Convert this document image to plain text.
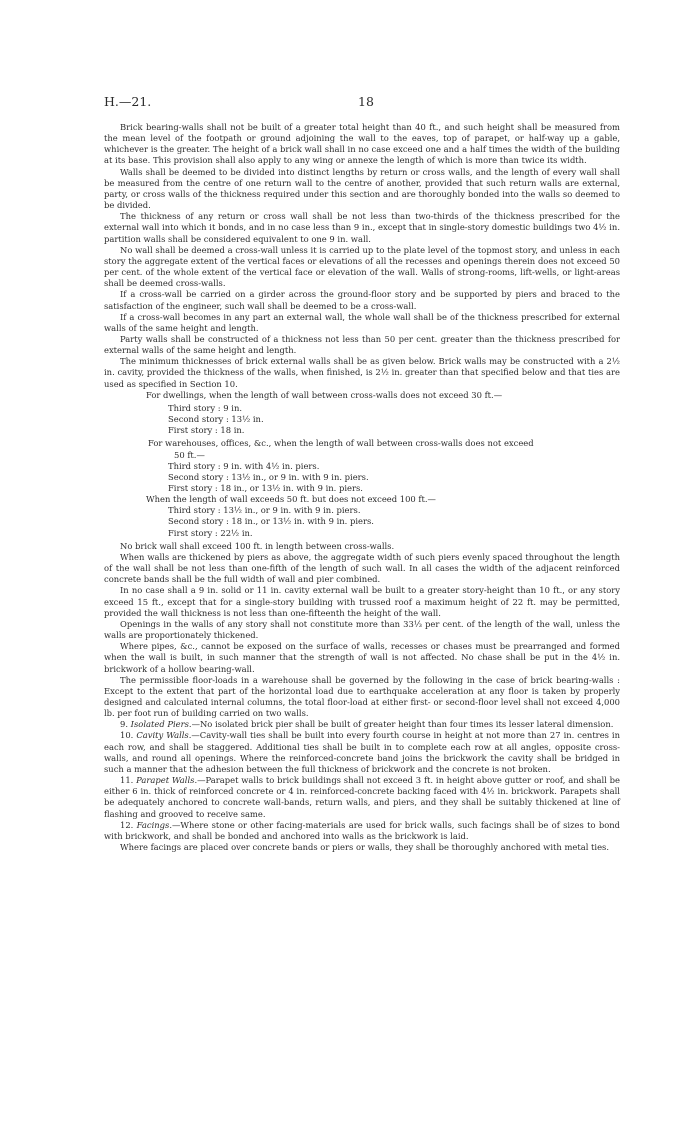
H.—21.	18

Brick bearing-walls shall not be built of a greater total height than 40 ft., and such height shall be measured from the mean level of the footpath or ground adjoining the wall to the eaves, top of parapet, or half-way up a gable, whichever is the greater. The height of a brick wall shall in no case exceed one and a half times the width of the building at its base. This provision shall also apply to any wing or annexe the length of which is more than twice its width.

Walls shall be deemed to be divided into distinct lengths by return or cross walls, and the length of every wall shall be measured from the centre of one return wall to the centre of another, provided that such return walls are external, party, or cross walls of the thickness required under this section and are thoroughly bonded into the walls so deemed to be divided.

The thickness of any return or cross wall shall be not less than two-thirds of the thickness prescribed for the external wall into which it bonds, and in no case less than 9 in., except that in single-story domestic buildings two 4½ in. partition walls shall be considered equivalent to one 9 in. wall.

No wall shall be deemed a cross-wall unless it is carried up to the plate level of the topmost story, and unless in each story the aggregate extent of the vertical faces or elevations of all the recesses and openings therein does not exceed 50 per cent. of the whole extent of the vertical face or elevation of the wall. Walls of strong-rooms, lift-wells, or light-areas shall be deemed cross-walls.

If a cross-wall be carried on a girder across the ground-floor story and be supported by piers and braced to the satisfaction of the engineer, such wall shall be deemed to be a cross-wall.

If a cross-wall becomes in any part an external wall, the whole wall shall be of the thickness prescribed for external walls of the same height and length.

Party walls shall be constructed of a thickness not less than 50 per cent. greater than the thickness prescribed for external walls of the same height and length.

The minimum thicknesses of brick external walls shall be as given below. Brick walls may be constructed with a 2½ in. cavity, provided the thickness of the walls, when finished, is 2½ in. greater than that specified below and that ties are used as specified in Section 10.

For dwellings, when the length of wall between cross-walls does not exceed 30 ft.—

Third story : 9 in.

Second story : 13½ in.

First story : 18 in.

For warehouses, offices, &c., when the length of wall between cross-walls does not exceed
50 ft.—

Third story : 9 in. with 4½ in. piers.

Second story : 13½ in., or 9 in. with 9 in. piers.

First story : 18 in., or 13½ in. with 9 in. piers.

When the length of wall exceeds 50 ft. but does not exceed 100 ft.—

Third story : 13½ in., or 9 in. with 9 in. piers.

Second story : 18 in., or 13½ in. with 9 in. piers.

First story : 22½ in.

No brick wall shall exceed 100 ft. in length between cross-walls.

When walls are thickened by piers as above, the aggregate width of such piers evenly spaced throughout the length of the wall shall be not less than one-fifth of the length of such wall. In all cases the width of the adjacent reinforced concrete bands shall be the full width of wall and pier combined.

In no case shall a 9 in. solid or 11 in. cavity external wall be built to a greater story-height than 10 ft., or any story exceed 15 ft., except that for a single-story building with trussed roof a maximum height of 22 ft. may be permitted, provided the wall thickness is not less than one-fifteenth the height of the wall.

Openings in the walls of any story shall not constitute more than 33⅓ per cent. of the length of the wall, unless the walls are proportionately thickened.

Where pipes, &c., cannot be exposed on the surface of walls, recesses or chases must be prearranged and formed when the wall is built, in such manner that the strength of wall is not affected. No chase shall be put in the 4½ in. brickwork of a hollow bearing-wall.

The permissible floor-loads in a warehouse shall be governed by the following in the case of brick bearing-walls : Except to the extent that part of the horizontal load due to earthquake acceleration at any floor is taken by properly designed and calculated internal columns, the total floor-load at either first- or second-floor level shall not exceed 4,000 lb. per foot run of building carried on two walls.

9. Isolated Piers.—No isolated brick pier shall be built of greater height than four times its lesser lateral dimension.

10. Cavity Walls.—Cavity-wall ties shall be built into every fourth course in height at not more than 27 in. centres in each row, and shall be staggered. Additional ties shall be built in to complete each row at all angles, opposite cross-walls, and round all openings. Where the reinforced-concrete band joins the brickwork the cavity shall be bridged in such a manner that the adhesion between the full thickness of brickwork and the concrete is not broken.

11. Parapet Walls.—Parapet walls to brick buildings shall not exceed 3 ft. in height above gutter or roof, and shall be either 6 in. thick of reinforced concrete or 4 in. reinforced-concrete backing faced with 4½ in. brickwork. Parapets shall be adequately anchored to concrete wall-bands, return walls, and piers, and they shall be suitably thickened at line of flashing and grooved to receive same.

12. Facings.—Where stone or other facing-materials are used for brick walls, such facings shall be of sizes to bond with brickwork, and shall be bonded and anchored into walls as the brickwork is laid.

Where facings are placed over concrete bands or piers or walls, they shall be thoroughly anchored with metal ties.
